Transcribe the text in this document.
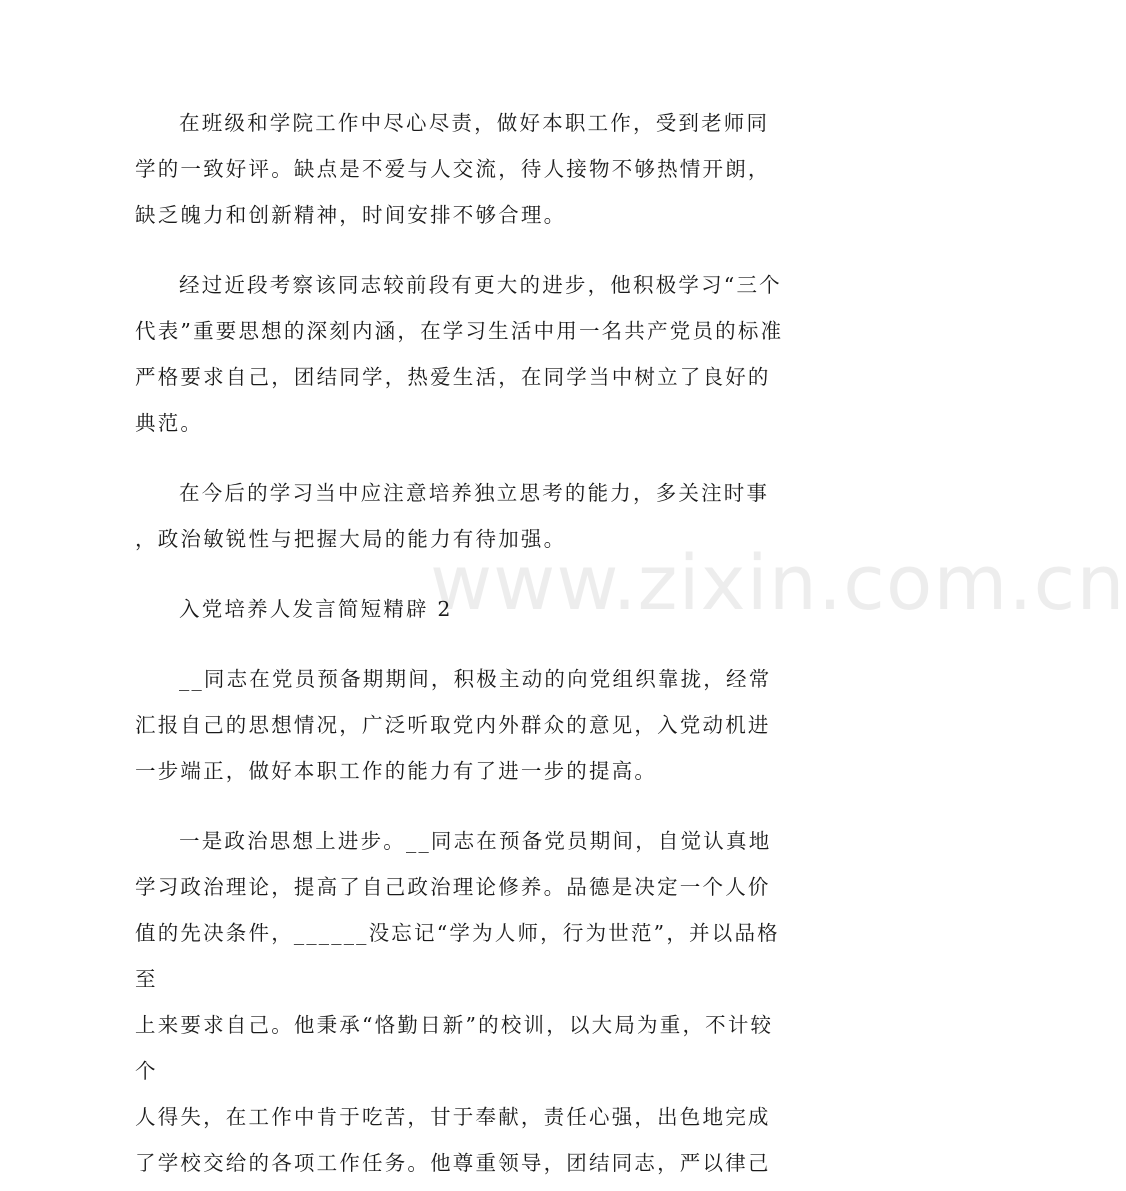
在班级和学院工作中尽心尽责，做好本职工作，受到老师同

学的一致好评。缺点是不爱与人交流，待人接物不够热情开朗，

缺乏魄力和创新精神，时间安排不够合理。

经过近段考察该同志较前段有更大的进步，他积极学习“三个

代表”重要思想的深刻内涵，在学习生活中用一名共产党员的标准

严格要求自己，团结同学，热爱生活，在同学当中树立了良好的

典范。

在今后的学习当中应注意培养独立思考的能力，多关注时事

，政治敏锐性与把握大局的能力有待加强。

入党培养人发言简短精辟 2

__同志在党员预备期期间，积极主动的向党组织靠拢，经常

汇报自己的思想情况，广泛听取党内外群众的意见，入党动机进

一步端正，做好本职工作的能力有了进一步的提高。

一是政治思想上进步。__同志在预备党员期间，自觉认真地

学习政治理论，提高了自己政治理论修养。品德是决定一个人价

值的先决条件，______没忘记“学为人师，行为世范”，并以品格至

上来要求自己。他秉承“恪勤日新”的校训，以大局为重，不计较个

人得失，在工作中肯于吃苦，甘于奉献，责任心强，出色地完成

了学校交给的各项工作任务。他尊重领导，团结同志，严以律己

www.zixin.com.cn
